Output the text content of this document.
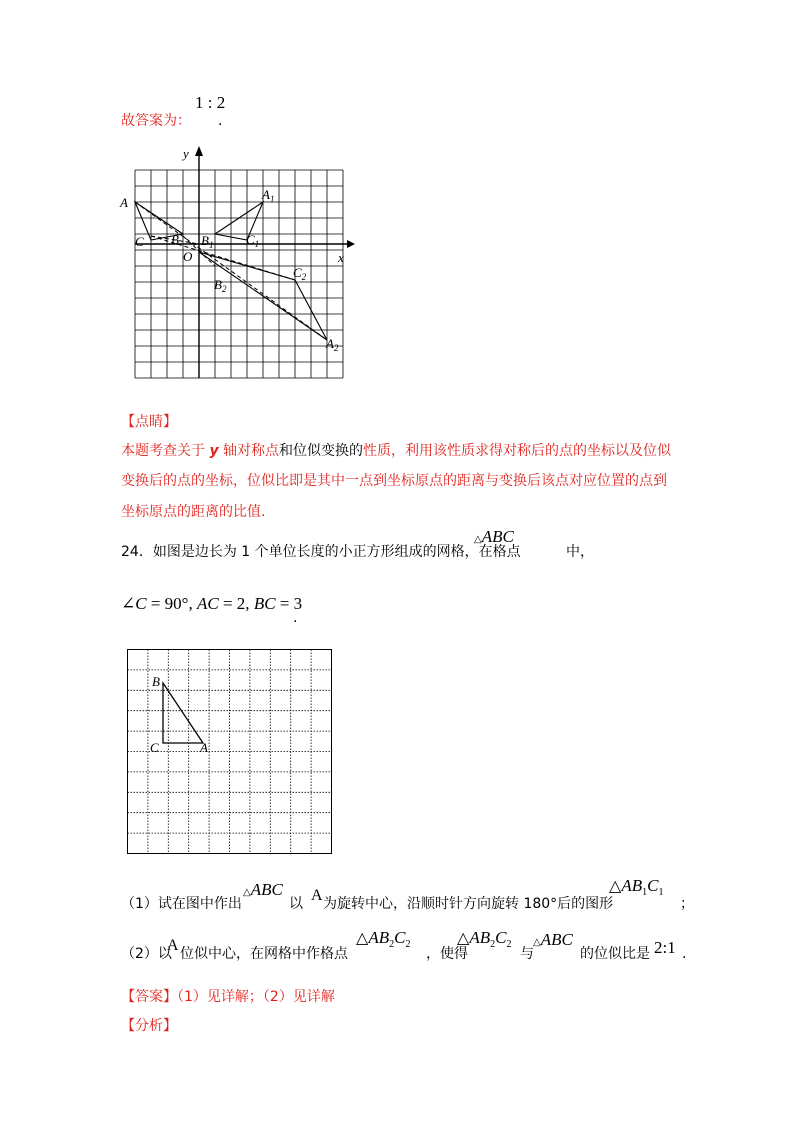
故答案为：
1 : 2
.
y
x
O
A
C B
$A_1$
$B_1$	$C_1$
$A_2$
$B_2$
$C_2$
【点睛】
本题考查关于 y 轴对称点和位似变换的性质，利用该性质求得对称后的点的坐标以及位似
变换后的点的坐标，位似比即是其中一点到坐标原点的距离与变换后该点对应位置的点到
坐标原点的距离的比值.
24．如图是边长为 1 个单位长度的小正方形组成的网格，在格点
△ABC
中，
∠C = 90°, AC = 2, BC = 3
.
B
C	A
（1）试在图中作出
△ABC
以 A 为旋转中心，沿顺时针方向旋转 180°后的图形
$\triangle AB_1C_1$
；
（2）以
A 位似中心，在网格中作格点
$\triangle AB_2C_2$
，使得
$\triangle AB_2C_2$
与
△ABC
的位似比是 2:1 .
【答案】（1）见详解；（2）见详解
【分析】
